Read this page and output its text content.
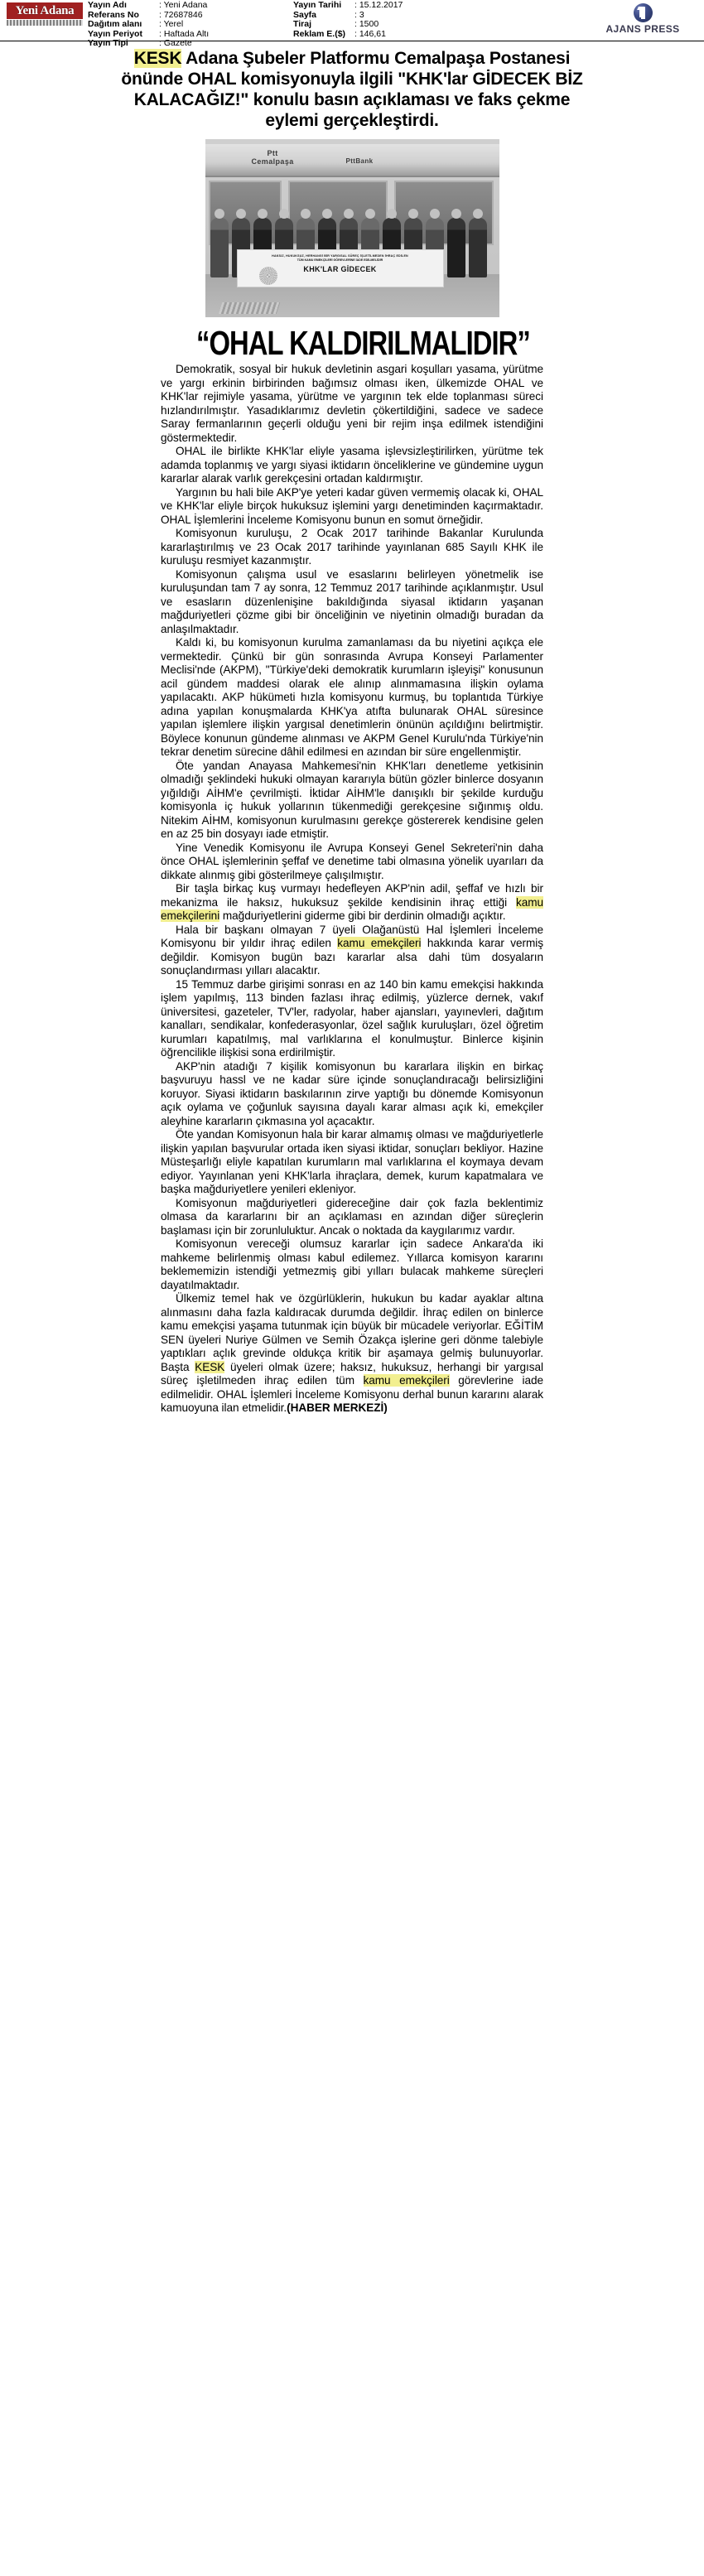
Yeni Adana	Yayın Adı	: Yeni Adana	Yayın Tarihi	: 15.12.2017
Referans No	: 72687846	Sayfa	: 3
Dağıtım alanı	: Yerel	Tiraj	: 1500
Yayın Periyot	: Haftada Altı	Reklam E.($)	: 146,61
Yayın Tipi	: Gazete		
AJANS PRESS
KESK Adana Şubeler Platformu Cemalpaşa Postanesi önünde OHAL komisyonuyla ilgili "KHK'lar GİDECEK BİZ KALACAĞIZ!" konulu basın açıklaması ve faks çekme eylemi gerçekleştirdi.
Ptt
Cemalpaşa	PttBank
HAKSIZ, HUKUKSUZ, HERHANGİ BİR YARGISAL SÜREÇ İŞLETİLMEDEN İHRAÇ EDİLEN
TÜM KAMU EMEKÇİLERİ GÖREVLERİNE İADE EDİLMELİDİR
KHK'LAR GİDECEK
“OHAL KALDIRILMALIDIR”

Demokratik, sosyal bir hukuk devletinin asgari koşulları yasama, yürütme ve yargı erkinin birbirinden bağımsız olması iken, ülkemizde OHAL ve KHK'lar rejimiyle yasama, yürütme ve yargının tek elde toplanması süreci hızlandırılmıştır. Yasadıklarımız devletin çökertildiğini, sadece ve sadece Saray fermanlarının geçerli olduğu yeni bir rejim inşa edilmek istendiğini göstermektedir.

OHAL ile birlikte KHK'lar eliyle yasama işlevsizleştirilirken, yürütme tek adamda toplanmış ve yargı siyasi iktidarın önceliklerine ve gündemine uygun kararlar alarak varlık gerekçesini ortadan kaldırmıştır.

Yargının bu hali bile AKP'ye yeteri kadar güven vermemiş olacak ki, OHAL ve KHK'lar eliyle birçok hukuksuz işlemini yargı denetiminden kaçırmaktadır. OHAL İşlemlerini İnceleme Komisyonu bunun en somut örneğidir.

Komisyonun kuruluşu, 2 Ocak 2017 tarihinde Bakanlar Kurulunda kararlaştırılmış ve 23 Ocak 2017 tarihinde yayınlanan 685 Sayılı KHK ile kuruluşu resmiyet kazanmıştır.

Komisyonun çalışma usul ve esaslarını belirleyen yönetmelik ise kuruluşundan tam 7 ay sonra, 12 Temmuz 2017 tarihinde açıklanmıştır. Usul ve esasların düzenlenişine bakıldığında siyasal iktidarın yaşanan mağduriyetleri çözme gibi bir önceliğinin ve niyetinin olmadığı buradan da anlaşılmaktadır.

Kaldı ki, bu komisyonun kurulma zamanlaması da bu niyetini açıkça ele vermektedir. Çünkü bir gün sonrasında Avrupa Konseyi Parlamenter Meclisi'nde (AKPM), "Türkiye'deki demokratik kurumların işleyişi" konusunun acil gündem maddesi olarak ele alınıp alınmamasına ilişkin oylama yapılacaktı. AKP hükümeti hızla komisyonu kurmuş, bu toplantıda Türkiye adına yapılan konuşmalarda KHK'ya atıfta bulunarak OHAL süresince yapılan işlemlere ilişkin yargısal denetimlerin önünün açıldığını belirtmiştir. Böylece konunun gündeme alınması ve AKPM Genel Kurulu'nda Türkiye'nin tekrar denetim sürecine dâhil edilmesi en azından bir süre engellenmiştir.

Öte yandan Anayasa Mahkemesi'nin KHK'ları denetleme yetkisinin olmadığı şeklindeki hukuki olmayan kararıyla bütün gözler binlerce dosyanın yığıldığı AİHM'e çevrilmişti. İktidar AİHM'le danışıklı bir şekilde kurduğu komisyonla iç hukuk yollarının tükenmediği gerekçesine sığınmış oldu. Nitekim AİHM, komisyonun kurulmasını gerekçe göstererek kendisine gelen en az 25 bin dosyayı iade etmiştir.

Yine Venedik Komisyonu ile Avrupa Konseyi Genel Sekreteri'nin daha önce OHAL işlemlerinin şeffaf ve denetime tabi olmasına yönelik uyarıları da dikkate alınmış gibi gösterilmeye çalışılmıştır.

Bir taşla birkaç kuş vurmayı hedefleyen AKP'nin adil, şeffaf ve hızlı bir mekanizma ile haksız, hukuksuz şekilde kendisinin ihraç ettiği kamu emekçilerini mağduriyetlerini giderme gibi bir derdinin olmadığı açıktır.

Hala bir başkanı olmayan 7 üyeli Olağanüstü Hal İşlemleri İnceleme Komisyonu bir yıldır ihraç edilen kamu emekçileri hakkında karar vermiş değildir. Komisyon bugün bazı kararlar alsa dahi tüm dosyaların sonuçlandırması yılları alacaktır.

15 Temmuz darbe girişimi sonrası en az 140 bin kamu emekçisi hakkında işlem yapılmış, 113 binden fazlası ihraç edilmiş, yüzlerce dernek, vakıf üniversitesi, gazeteler, TV'ler, radyolar, haber ajansları, yayınevleri, dağıtım kanalları, sendikalar, konfederasyonlar, özel sağlık kuruluşları, özel öğretim kurumları kapatılmış, mal varlıklarına el konulmuştur. Binlerce kişinin öğrencilikle ilişkisi sona erdirilmiştir.

AKP'nin atadığı 7 kişilik komisyonun bu kararlara ilişkin en birkaç başvuruyu hassl ve ne kadar süre içinde sonuçlandıracağı belirsizliğini koruyor. Siyasi iktidarın baskılarının zirve yaptığı bu dönemde Komisyonun açık oylama ve çoğunluk sayısına dayalı karar alması açık ki, emekçiler aleyhine kararların çıkmasına yol açacaktır.

Öte yandan Komisyonun hala bir karar almamış olması ve mağduriyetlerle ilişkin yapılan başvurular ortada iken siyasi iktidar, sonuçları bekliyor. Hazine Müsteşarlığı eliyle kapatılan kurumların mal varlıklarına el koymaya devam ediyor. Yayınlanan yeni KHK'larla ihraçlara, demek, kurum kapatmalara ve başka mağduriyetlere yenileri ekleniyor.

Komisyonun mağduriyetleri gidereceğine dair çok fazla beklentimiz olmasa da kararlarını bir an açıklaması en azından diğer süreçlerin başlaması için bir zorunluluktur. Ancak o noktada da kaygılarımız vardır.

Komisyonun vereceği olumsuz kararlar için sadece Ankara'da iki mahkeme belirlenmiş olması kabul edilemez. Yıllarca komisyon kararını beklememizin istendiği yetmezmiş gibi yılları bulacak mahkeme süreçleri dayatılmaktadır.

Ülkemiz temel hak ve özgürlüklerin, hukukun bu kadar ayaklar altına alınmasını daha fazla kaldıracak durumda değildir. İhraç edilen on binlerce kamu emekçisi yaşama tutunmak için büyük bir mücadele veriyorlar. EĞİTİM SEN üyeleri Nuriye Gülmen ve Semih Özakça işlerine geri dönme talebiyle yaptıkları açlık grevinde oldukça kritik bir aşamaya gelmiş bulunuyorlar. Başta KESK üyeleri olmak üzere; haksız, hukuksuz, herhangi bir yargısal süreç işletilmeden ihraç edilen tüm kamu emekçileri görevlerine iade edilmelidir. OHAL İşlemleri İnceleme Komisyonu derhal bunun kararını alarak kamuoyuna ilan etmelidir.(HABER MERKEZİ)
